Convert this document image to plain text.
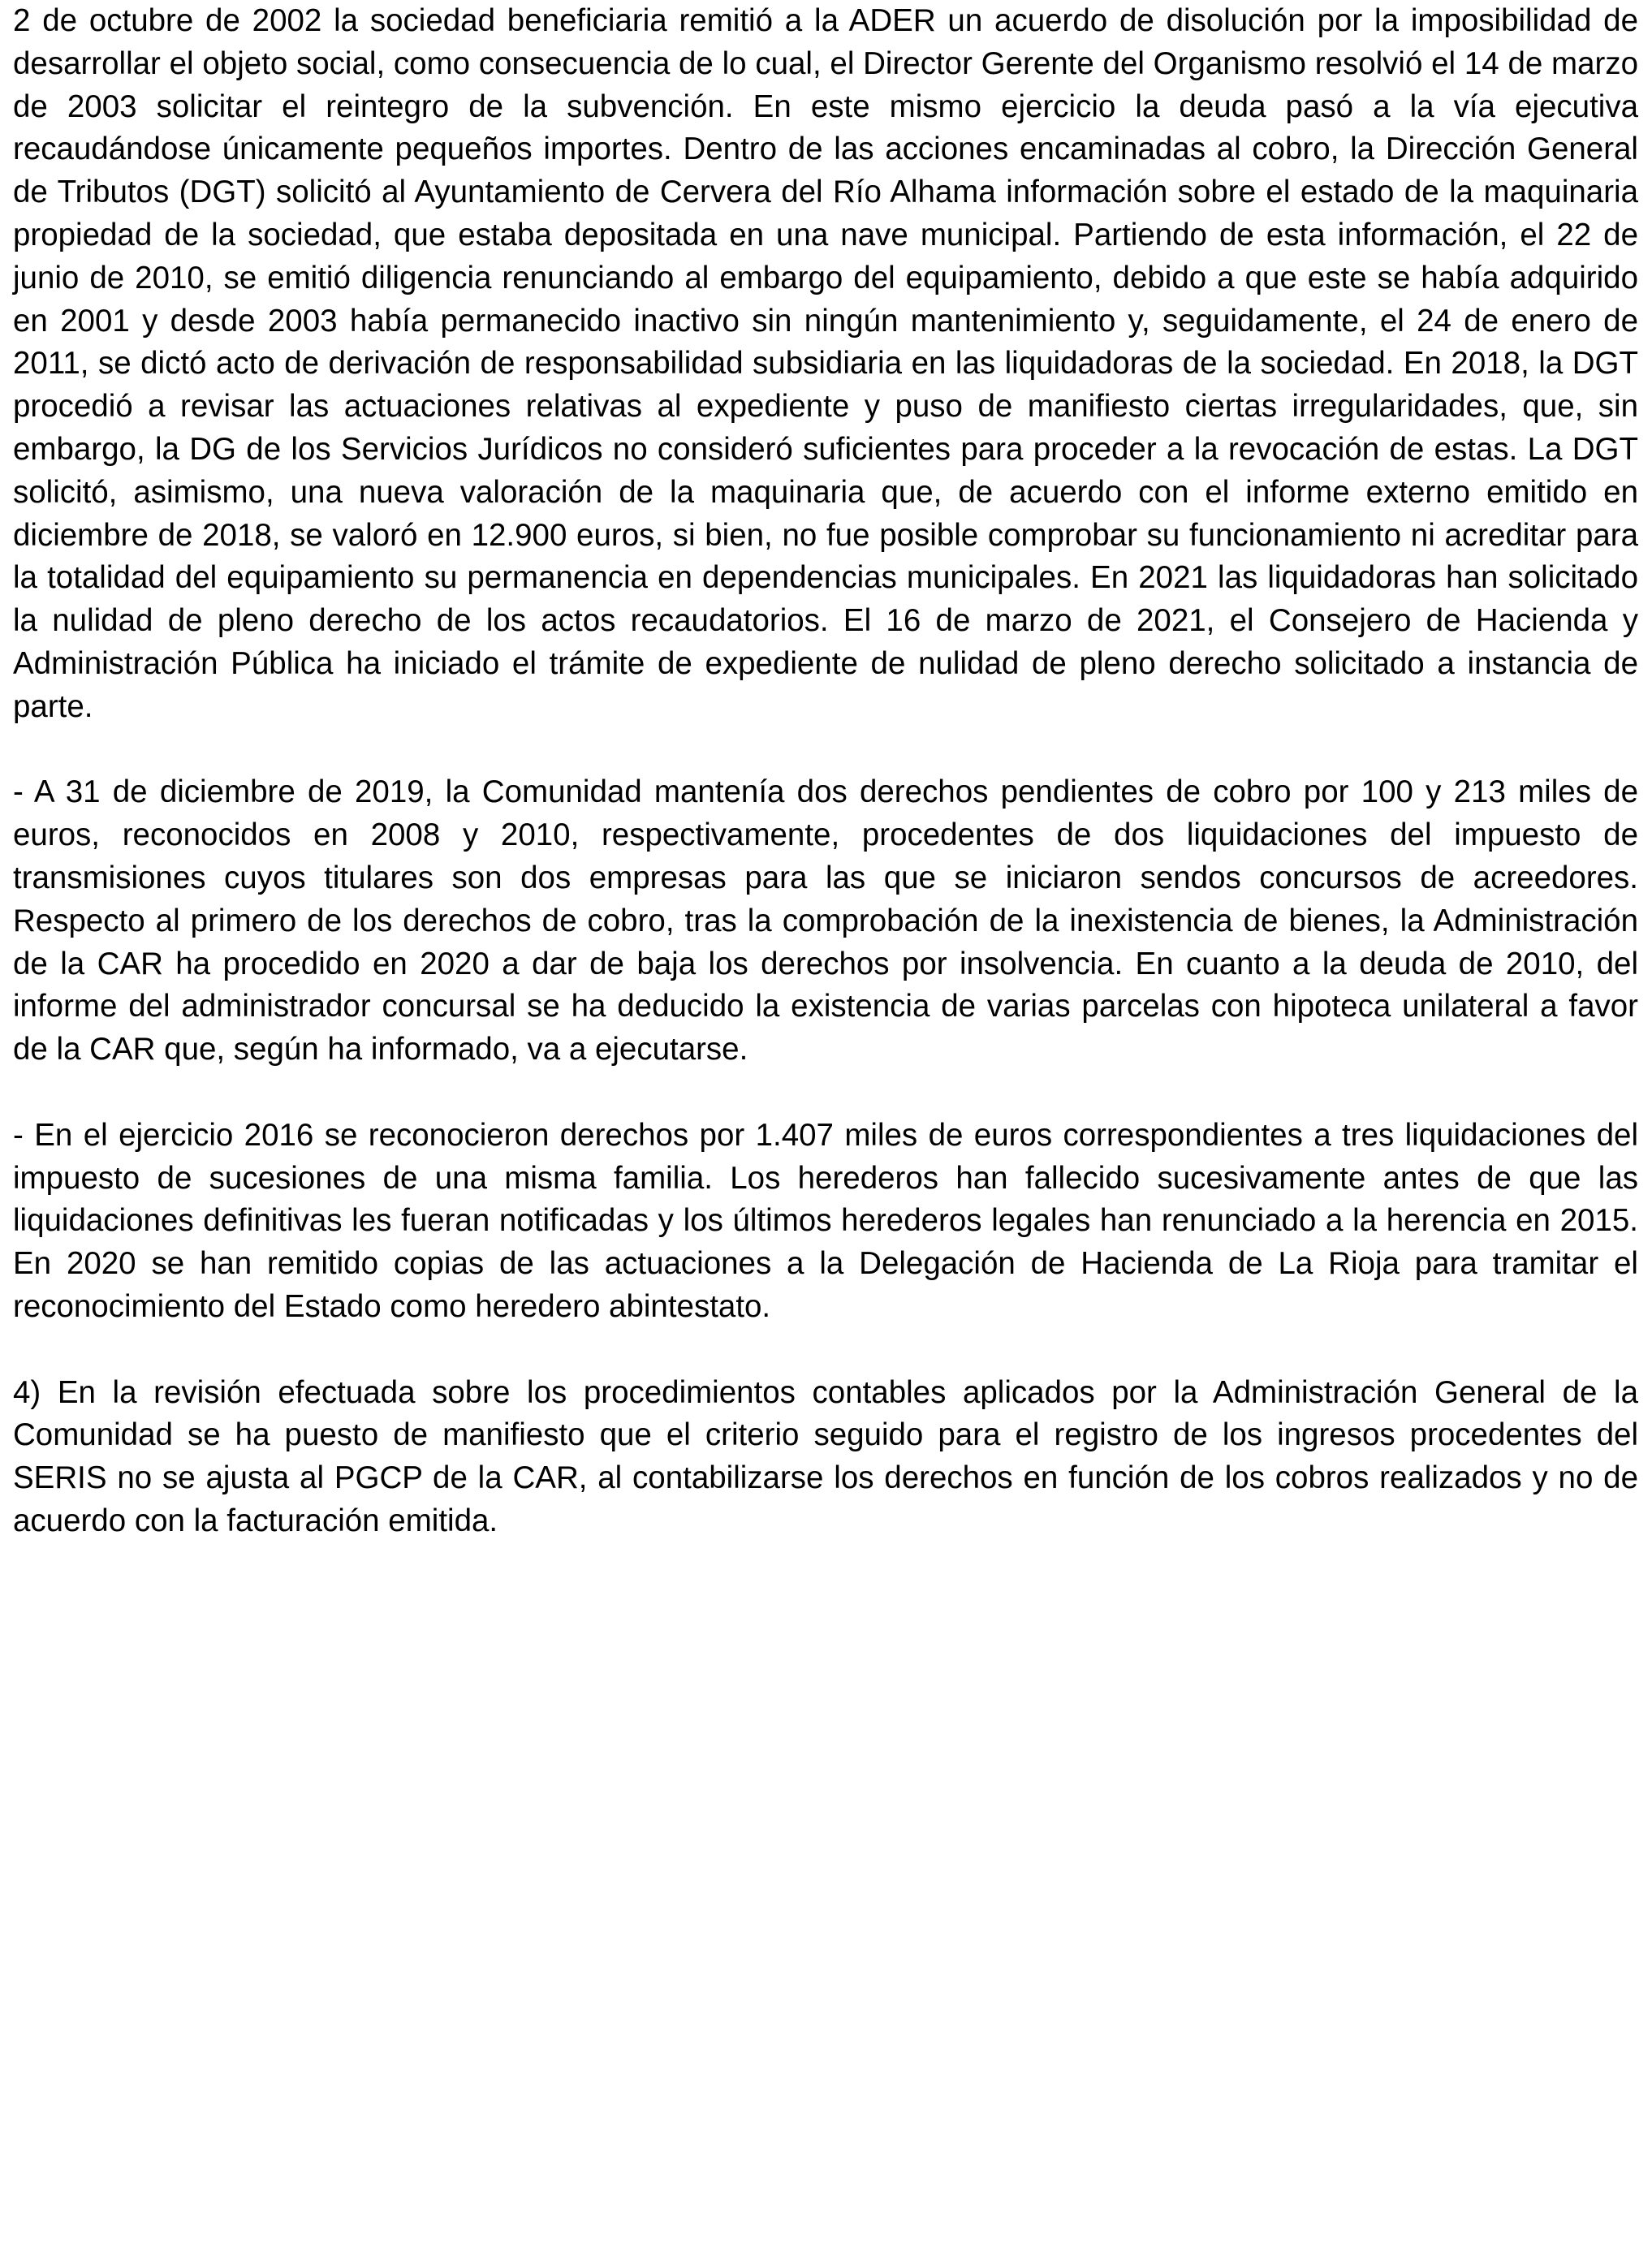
2 de octubre de 2002 la sociedad beneficiaria remitió a la ADER un acuerdo de disolución por la imposibilidad de desarrollar el objeto social, como consecuencia de lo cual, el Director Gerente del Organismo resolvió el 14 de marzo de 2003 solicitar el reintegro de la subvención. En este mismo ejercicio la deuda pasó a la vía ejecutiva recaudándose únicamente pequeños importes. Dentro de las acciones encaminadas al cobro, la Dirección General de Tributos (DGT) solicitó al Ayuntamiento de Cervera del Río Alhama información sobre el estado de la maquinaria propiedad de la sociedad, que estaba depositada en una nave municipal. Partiendo de esta información, el 22 de junio de 2010, se emitió diligencia renunciando al embargo del equipamiento, debido a que este se había adquirido en 2001 y desde 2003 había permanecido inactivo sin ningún mantenimiento y, seguidamente, el 24 de enero de 2011, se dictó acto de derivación de responsabilidad subsidiaria en las liquidadoras de la sociedad. En 2018, la DGT procedió a revisar las actuaciones relativas al expediente y puso de manifiesto ciertas irregularidades, que, sin embargo, la DG de los Servicios Jurídicos no consideró suficientes para proceder a la revocación de estas. La DGT solicitó, asimismo, una nueva valoración de la maquinaria que, de acuerdo con el informe externo emitido en diciembre de 2018, se valoró en 12.900 euros, si bien, no fue posible comprobar su funcionamiento ni acreditar para la totalidad del equipamiento su permanencia en dependencias municipales. En 2021 las liquidadoras han solicitado la nulidad de pleno derecho de los actos recaudatorios. El 16 de marzo de 2021, el Consejero de Hacienda y Administración Pública ha iniciado el trámite de expediente de nulidad de pleno derecho solicitado a instancia de parte.

- A 31 de diciembre de 2019, la Comunidad mantenía dos derechos pendientes de cobro por 100 y 213 miles de euros, reconocidos en 2008 y 2010, respectivamente, procedentes de dos liquidaciones del impuesto de transmisiones cuyos titulares son dos empresas para las que se iniciaron sendos concursos de acreedores. Respecto al primero de los derechos de cobro, tras la comprobación de la inexistencia de bienes, la Administración de la CAR ha procedido en 2020 a dar de baja los derechos por insolvencia. En cuanto a la deuda de 2010, del informe del administrador concursal se ha deducido la existencia de varias parcelas con hipoteca unilateral a favor de la CAR que, según ha informado, va a ejecutarse.

- En el ejercicio 2016 se reconocieron derechos por 1.407 miles de euros correspondientes a tres liquidaciones del impuesto de sucesiones de una misma familia. Los herederos han fallecido sucesivamente antes de que las liquidaciones definitivas les fueran notificadas y los últimos herederos legales han renunciado a la herencia en 2015. En 2020 se han remitido copias de las actuaciones a la Delegación de Hacienda de La Rioja para tramitar el reconocimiento del Estado como heredero abintestato.

4) En la revisión efectuada sobre los procedimientos contables aplicados por la Administración General de la Comunidad se ha puesto de manifiesto que el criterio seguido para el registro de los ingresos procedentes del SERIS no se ajusta al PGCP de la CAR, al contabilizarse los derechos en función de los cobros realizados y no de acuerdo con la facturación emitida.
